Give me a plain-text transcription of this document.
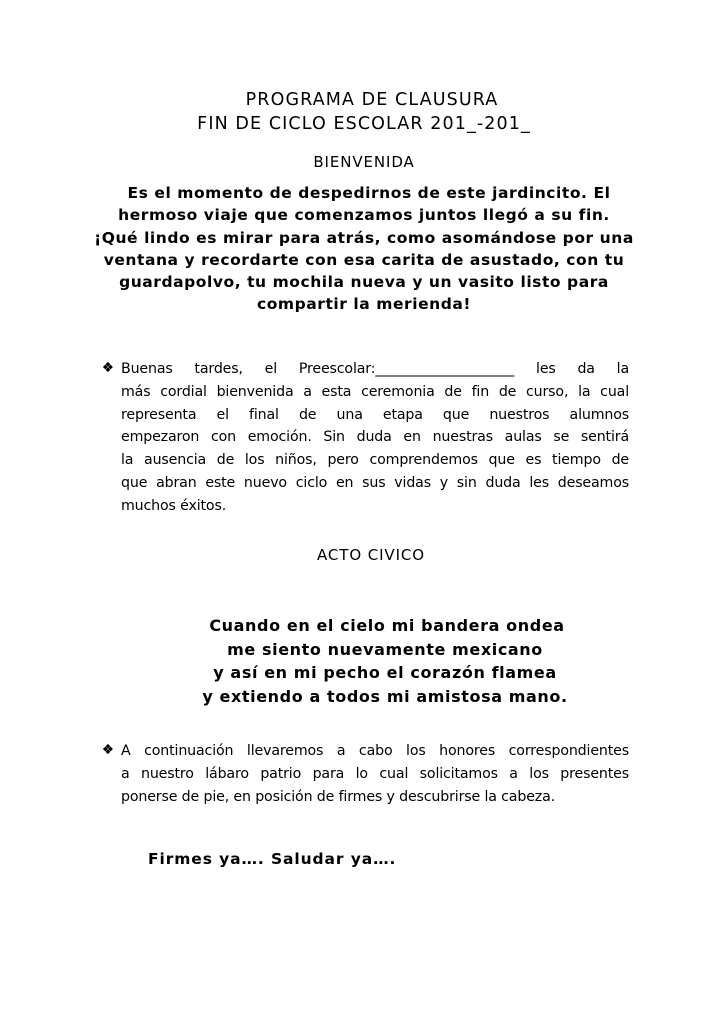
PROGRAMA DE CLAUSURA
FIN DE CICLO ESCOLAR 201_-201_
BIENVENIDA
Es el momento de despedirnos de este jardincito. El
hermoso viaje que comenzamos juntos llegó a su fin.
¡Qué lindo es mirar para atrás, como asomándose por una
ventana y recordarte con esa carita de asustado, con tu
guardapolvo, tu mochila nueva y un vasito listo para
compartir la merienda!
Buenas tardes, el Preescolar:____________________ les da la
más cordial bienvenida a esta ceremonia de fin de curso, la cual
representa el final de una etapa que nuestros alumnos
empezaron con emoción. Sin duda en nuestras aulas se sentirá
la ausencia de los niños, pero comprendemos que es tiempo de
que abran este nuevo ciclo en sus vidas y sin duda les deseamos
muchos éxitos.
ACTO CIVICO
Cuando en el cielo mi bandera ondea
me siento nuevamente mexicano
y así en mi pecho el corazón flamea
y extiendo a todos mi amistosa mano.
A continuación llevaremos a cabo los honores correspondientes
a nuestro lábaro patrio para lo cual solicitamos a los presentes
ponerse de pie, en posición de firmes y descubrirse la cabeza.
Firmes ya…. Saludar ya….
